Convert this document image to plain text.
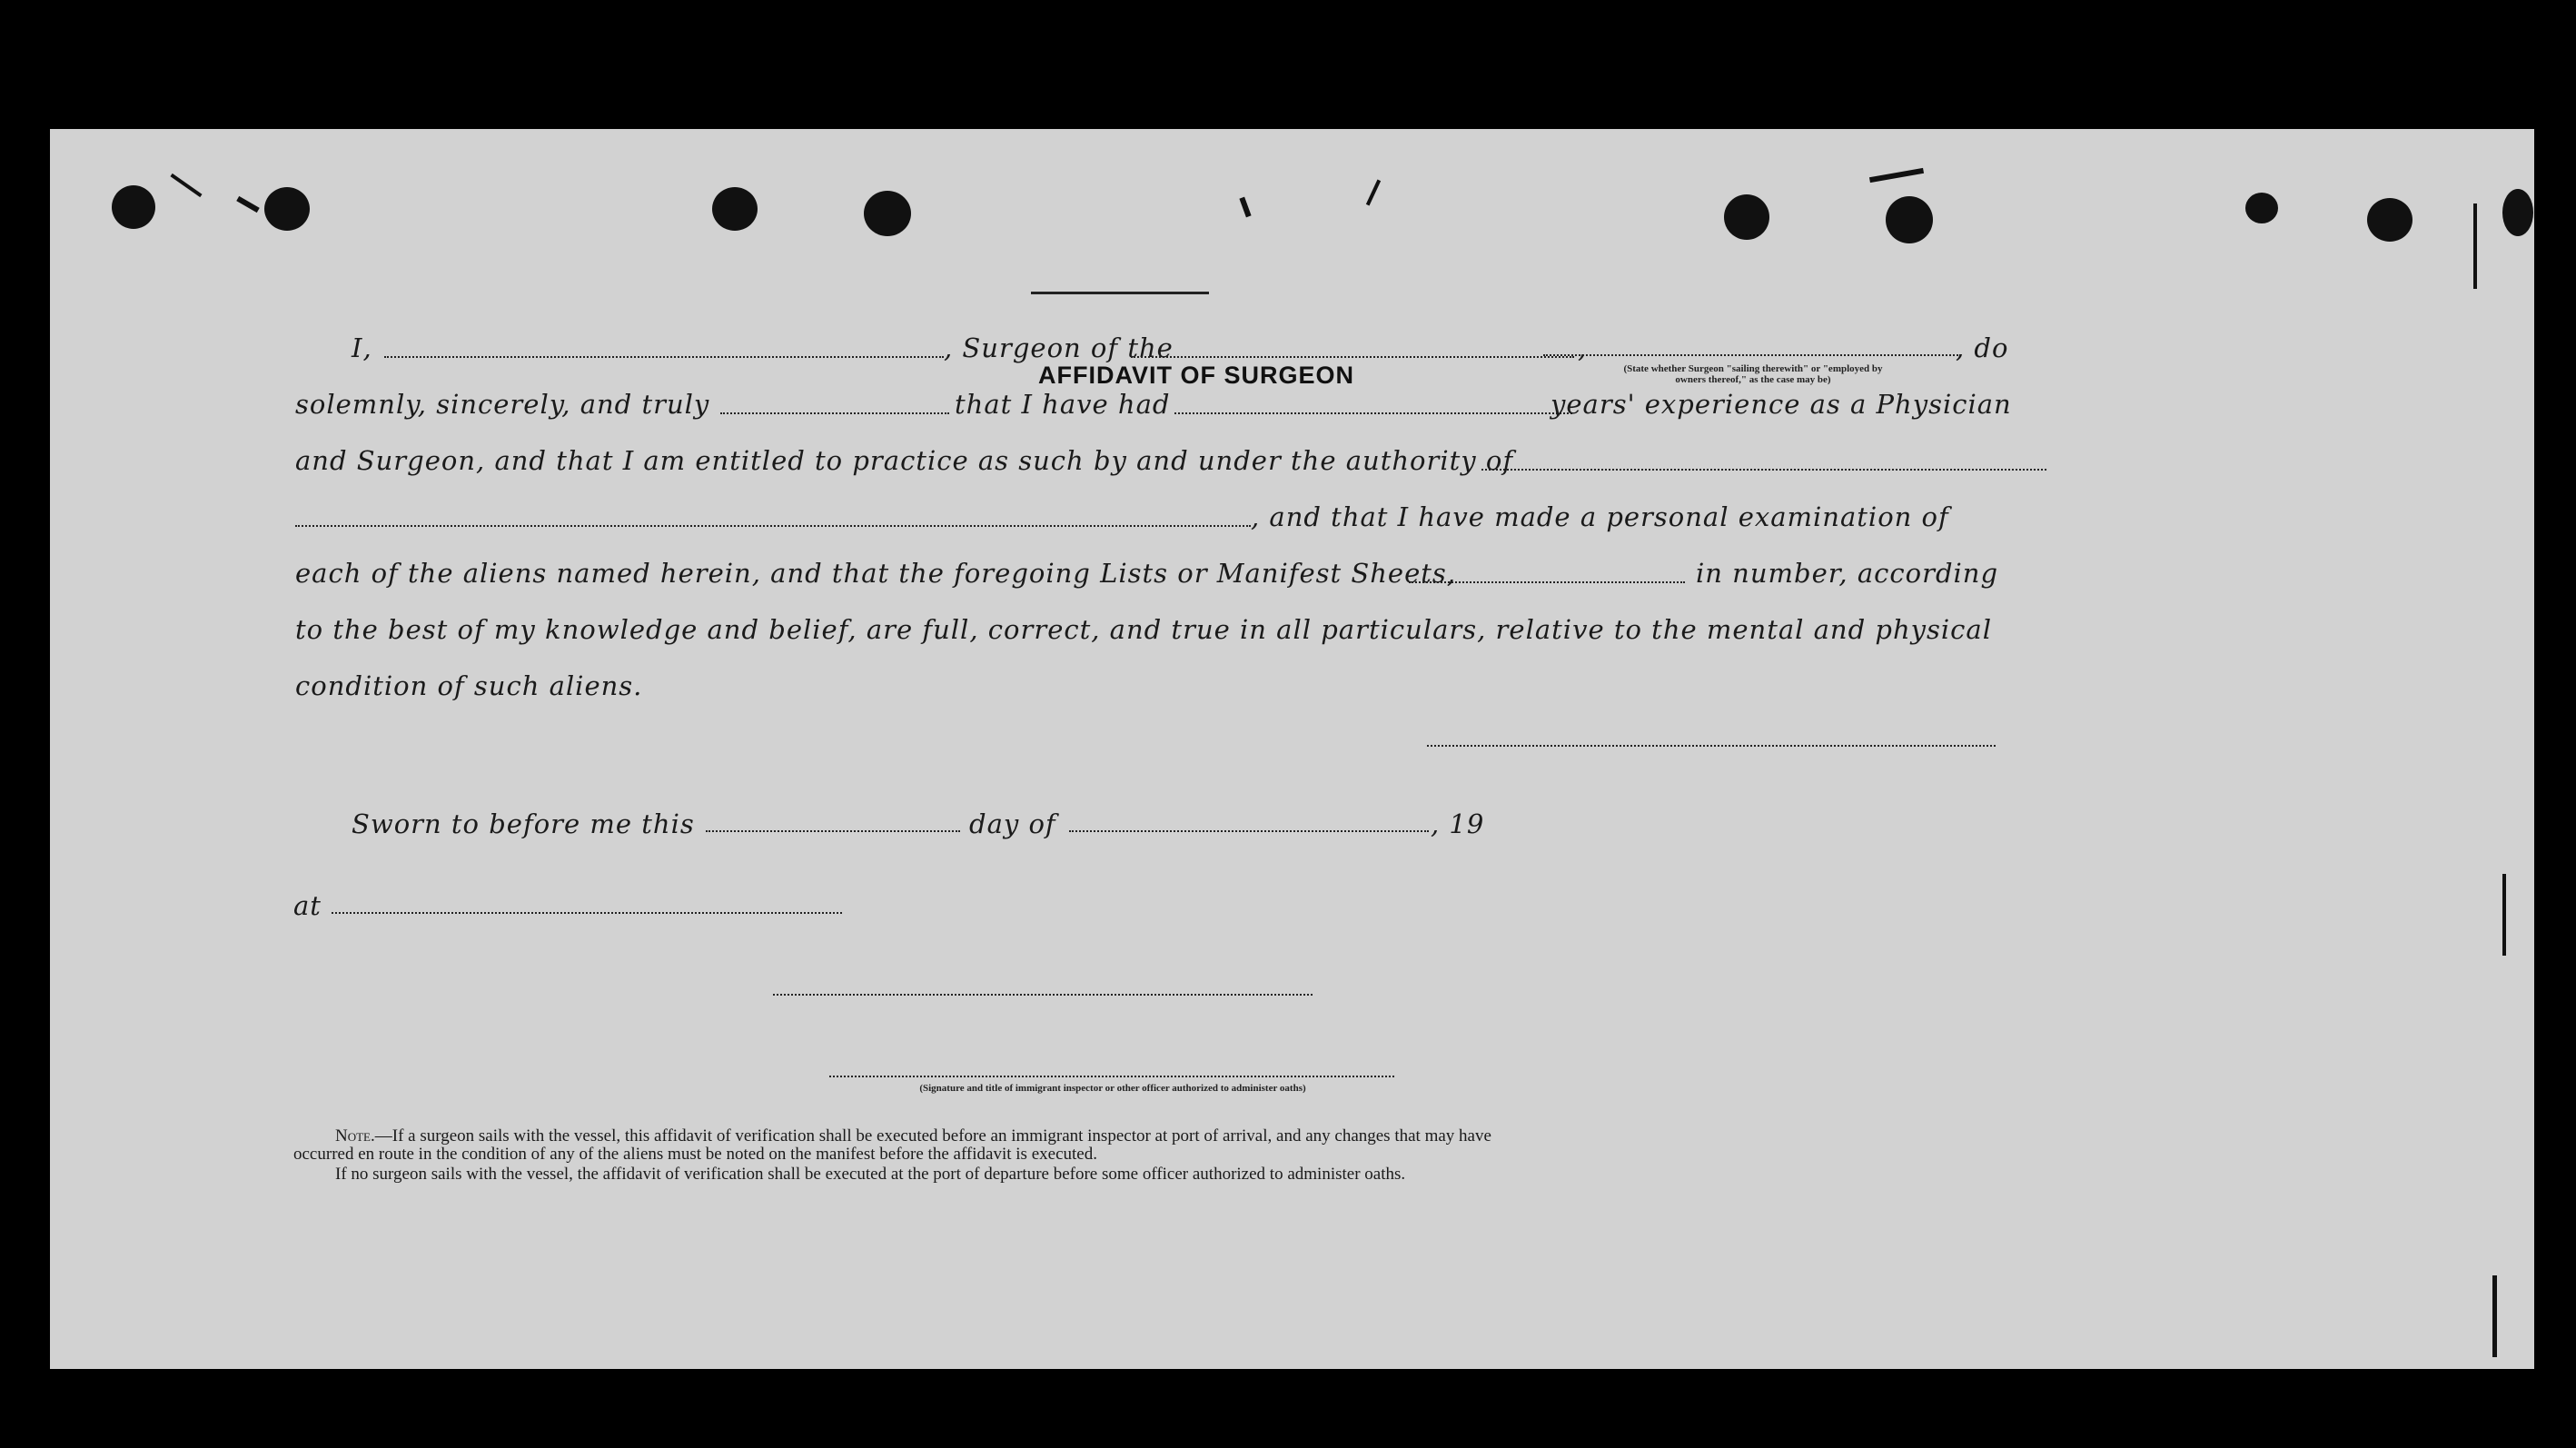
AFFIDAVIT OF SURGEON
I,	, Surgeon of the	,	, do
(State whether Surgeon "sailing therewith" or "employed by
owners thereof," as the case may be)
solemnly, sincerely, and truly	that I have had	years' experience as a Physician
and Surgeon, and that I am entitled to practice as such by and under the authority of
, and that I have made a personal examination of
each of the aliens named herein, and that the foregoing Lists or Manifest Sheets,	in number, according
to the best of my knowledge and belief, are full, correct, and true in all particulars, relative to the mental and physical
condition of such aliens.
Sworn to before me this	day of	, 19
at
(Signature and title of immigrant inspector or other officer authorized to administer oaths)
Note.—If a surgeon sails with the vessel, this affidavit of verification shall be executed before an immigrant inspector at port of arrival, and any changes that may have
occurred en route in the condition of any of the aliens must be noted on the manifest before the affidavit is executed.
If no surgeon sails with the vessel, the affidavit of verification shall be executed at the port of departure before some officer authorized to administer oaths.
